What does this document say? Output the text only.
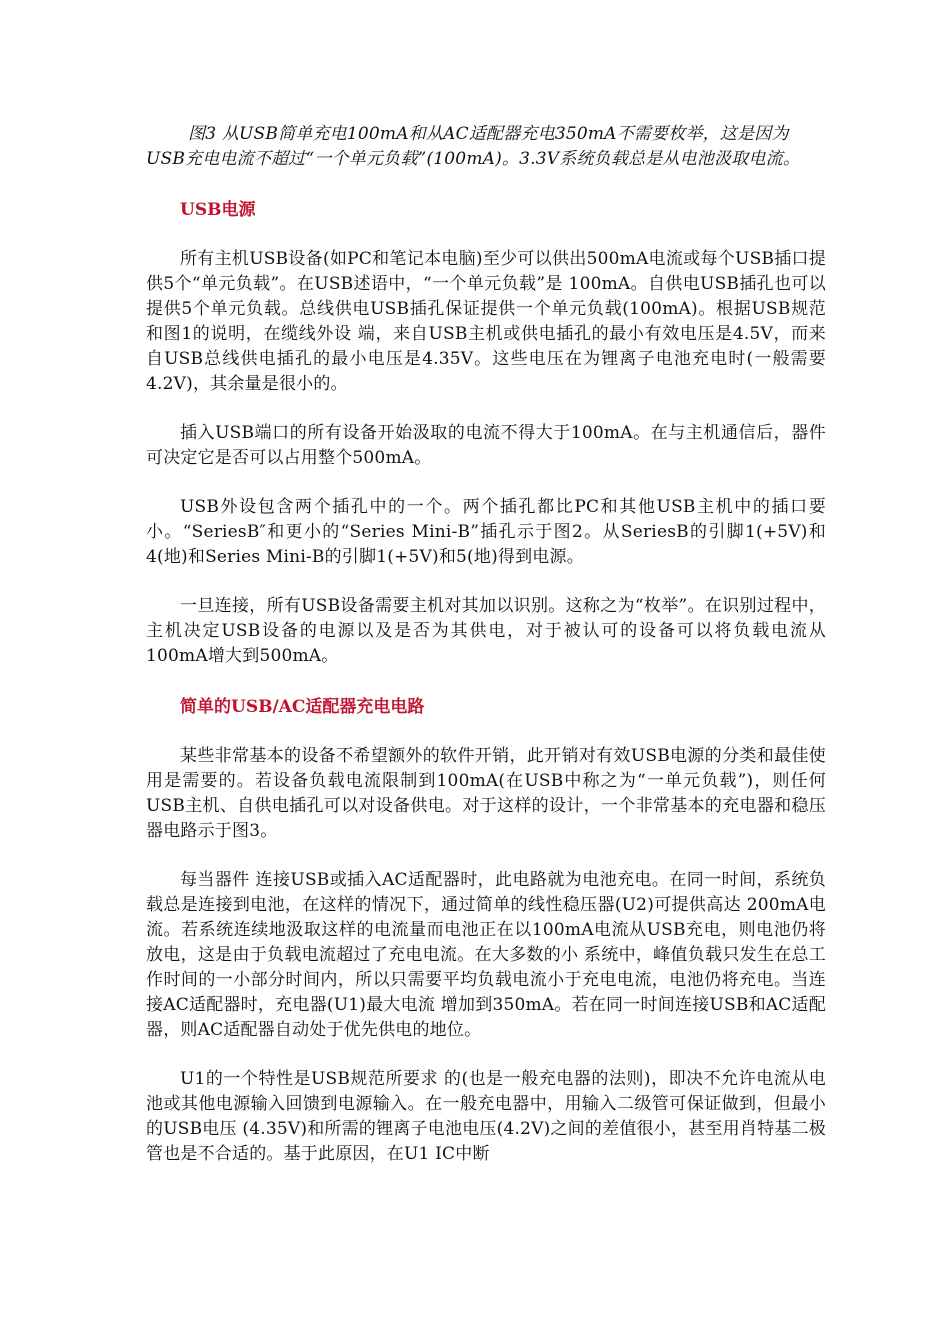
图3 从USB简单充电100mA和从AC适配器充电350mA不需要枚举，这是因为USB充电电流不超过“一个单元负载”(100mA)。3.3V系统负载总是从电池汲取电流。

USB电源

所有主机USB设备(如PC和笔记本电脑)至少可以供出500mA电流或每个USB插口提供5个“单元负载”。在USB述语中，“一个单元负载”是 100mA。自供电USB插孔也可以提供5个单元负载。总线供电USB插孔保证提供一个单元负载(100mA)。根据USB规范和图1的说明，在缆线外设 端，来自USB主机或供电插孔的最小有效电压是4.5V，而来自USB总线供电插孔的最小电压是4.35V。这些电压在为锂离子电池充电时(一般需要 4.2V)，其余量是很小的。

插入USB端口的所有设备开始汲取的电流不得大于100mA。在与主机通信后，器件可决定它是否可以占用整个500mA。

USB外设包含两个插孔中的一个。两个插孔都比PC和其他USB主机中的插口要小。“SeriesB″和更小的“Series Mini-B”插孔示于图2。从SeriesB的引脚1(+5V)和4(地)和Series Mini-B的引脚1(+5V)和5(地)得到电源。

一旦连接，所有USB设备需要主机对其加以识别。这称之为“枚举”。在识别过程中，主机决定USB设备的电源以及是否为其供电，对于被认可的设备可以将负载电流从100mA增大到500mA。

简单的USB/AC适配器充电电路

某些非常基本的设备不希望额外的软件开销，此开销对有效USB电源的分类和最佳使用是需要的。若设备负载电流限制到100mA(在USB中称之为“一单元负载”)，则任何USB主机、自供电插孔可以对设备供电。对于这样的设计，一个非常基本的充电器和稳压器电路示于图3。

每当器件 连接USB或插入AC适配器时，此电路就为电池充电。在同一时间，系统负载总是连接到电池，在这样的情况下，通过简单的线性稳压器(U2)可提供高达 200mA电流。若系统连续地汲取这样的电流量而电池正在以100mA电流从USB充电，则电池仍将放电，这是由于负载电流超过了充电电流。在大多数的小 系统中，峰值负载只发生在总工作时间的一小部分时间内，所以只需要平均负载电流小于充电电流，电池仍将充电。当连接AC适配器时，充电器(U1)最大电流 增加到350mA。若在同一时间连接USB和AC适配器，则AC适配器自动处于优先供电的地位。

U1的一个特性是USB规范所要求 的(也是一般充电器的法则)，即决不允许电流从电池或其他电源输入回馈到电源输入。在一般充电器中，用输入二级管可保证做到，但最小的USB电压 (4.35V)和所需的锂离子电池电压(4.2V)之间的差值很小，甚至用肖特基二极管也是不合适的。基于此原因，在U1 IC中断
